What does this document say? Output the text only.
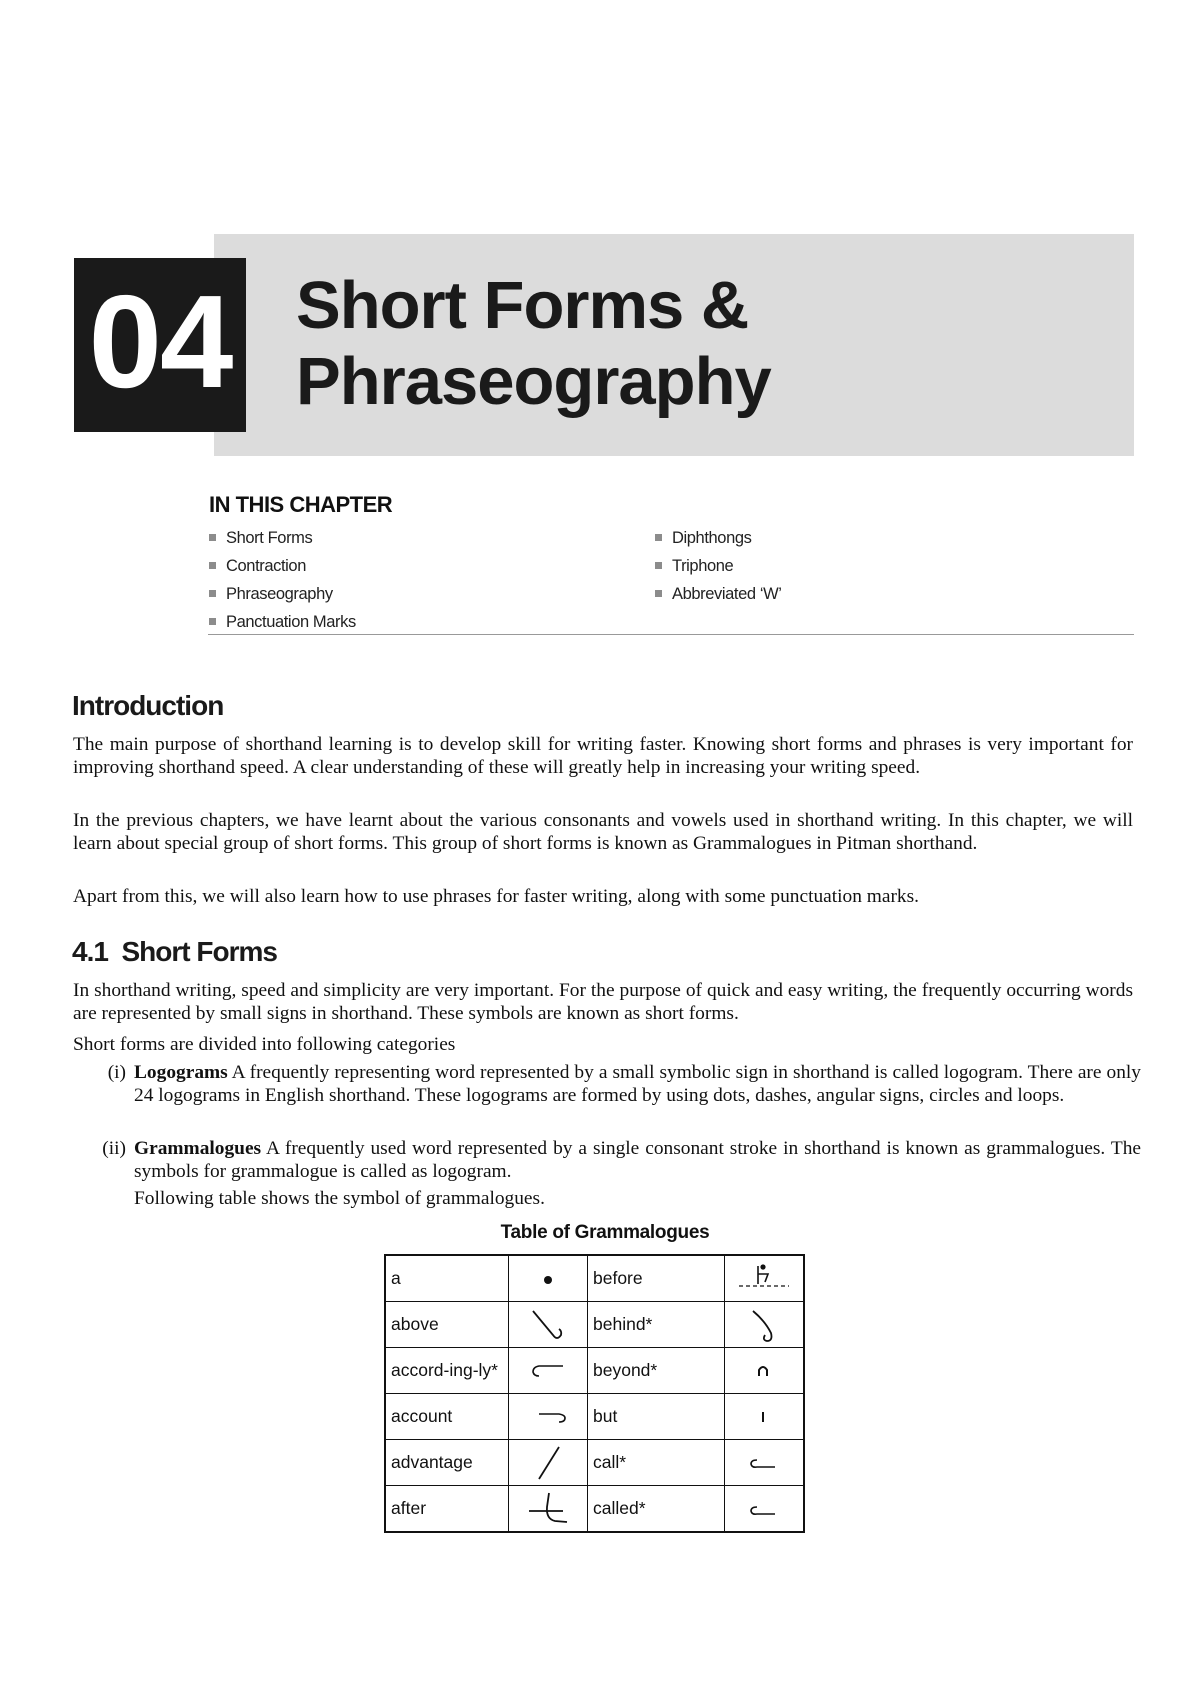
04 Short Forms &
Phraseography
IN THIS CHAPTER
Short Forms
Contraction
Phraseography
Panctuation Marks
Diphthongs
Triphone
Abbreviated ‘W’
Introduction

The main purpose of shorthand learning is to develop skill for writing faster. Knowing short forms and phrases is very important for improving shorthand speed. A clear understanding of these will greatly help in increasing your writing speed.

In the previous chapters, we have learnt about the various consonants and vowels used in shorthand writing. In this chapter, we will learn about special group of short forms. This group of short forms is known as Grammalogues in Pitman shorthand.

Apart from this, we will also learn how to use phrases for faster writing, along with some punctuation marks.

4.1 Short Forms

In shorthand writing, speed and simplicity are very important. For the purpose of quick and easy writing, the frequently occurring words are represented by small signs in shorthand. These symbols are known as short forms.

Short forms are divided into following categories

(i) Logograms A frequently representing word represented by a small symbolic sign in shorthand is called logogram. There are only 24 logograms in English shorthand. These logograms are formed by using dots, dashes, angular signs, circles and loops.
(ii) Grammalogues A frequently used word represented by a single consonant stroke in shorthand is known as grammalogues. The symbols for grammalogue is called as logogram.
Following table shows the symbol of grammalogues.
Table of Grammalogues
a		before	

above		behind*	

accord-ing-ly*		beyond*	

account		but	

advantage		call*	

after		called*	
